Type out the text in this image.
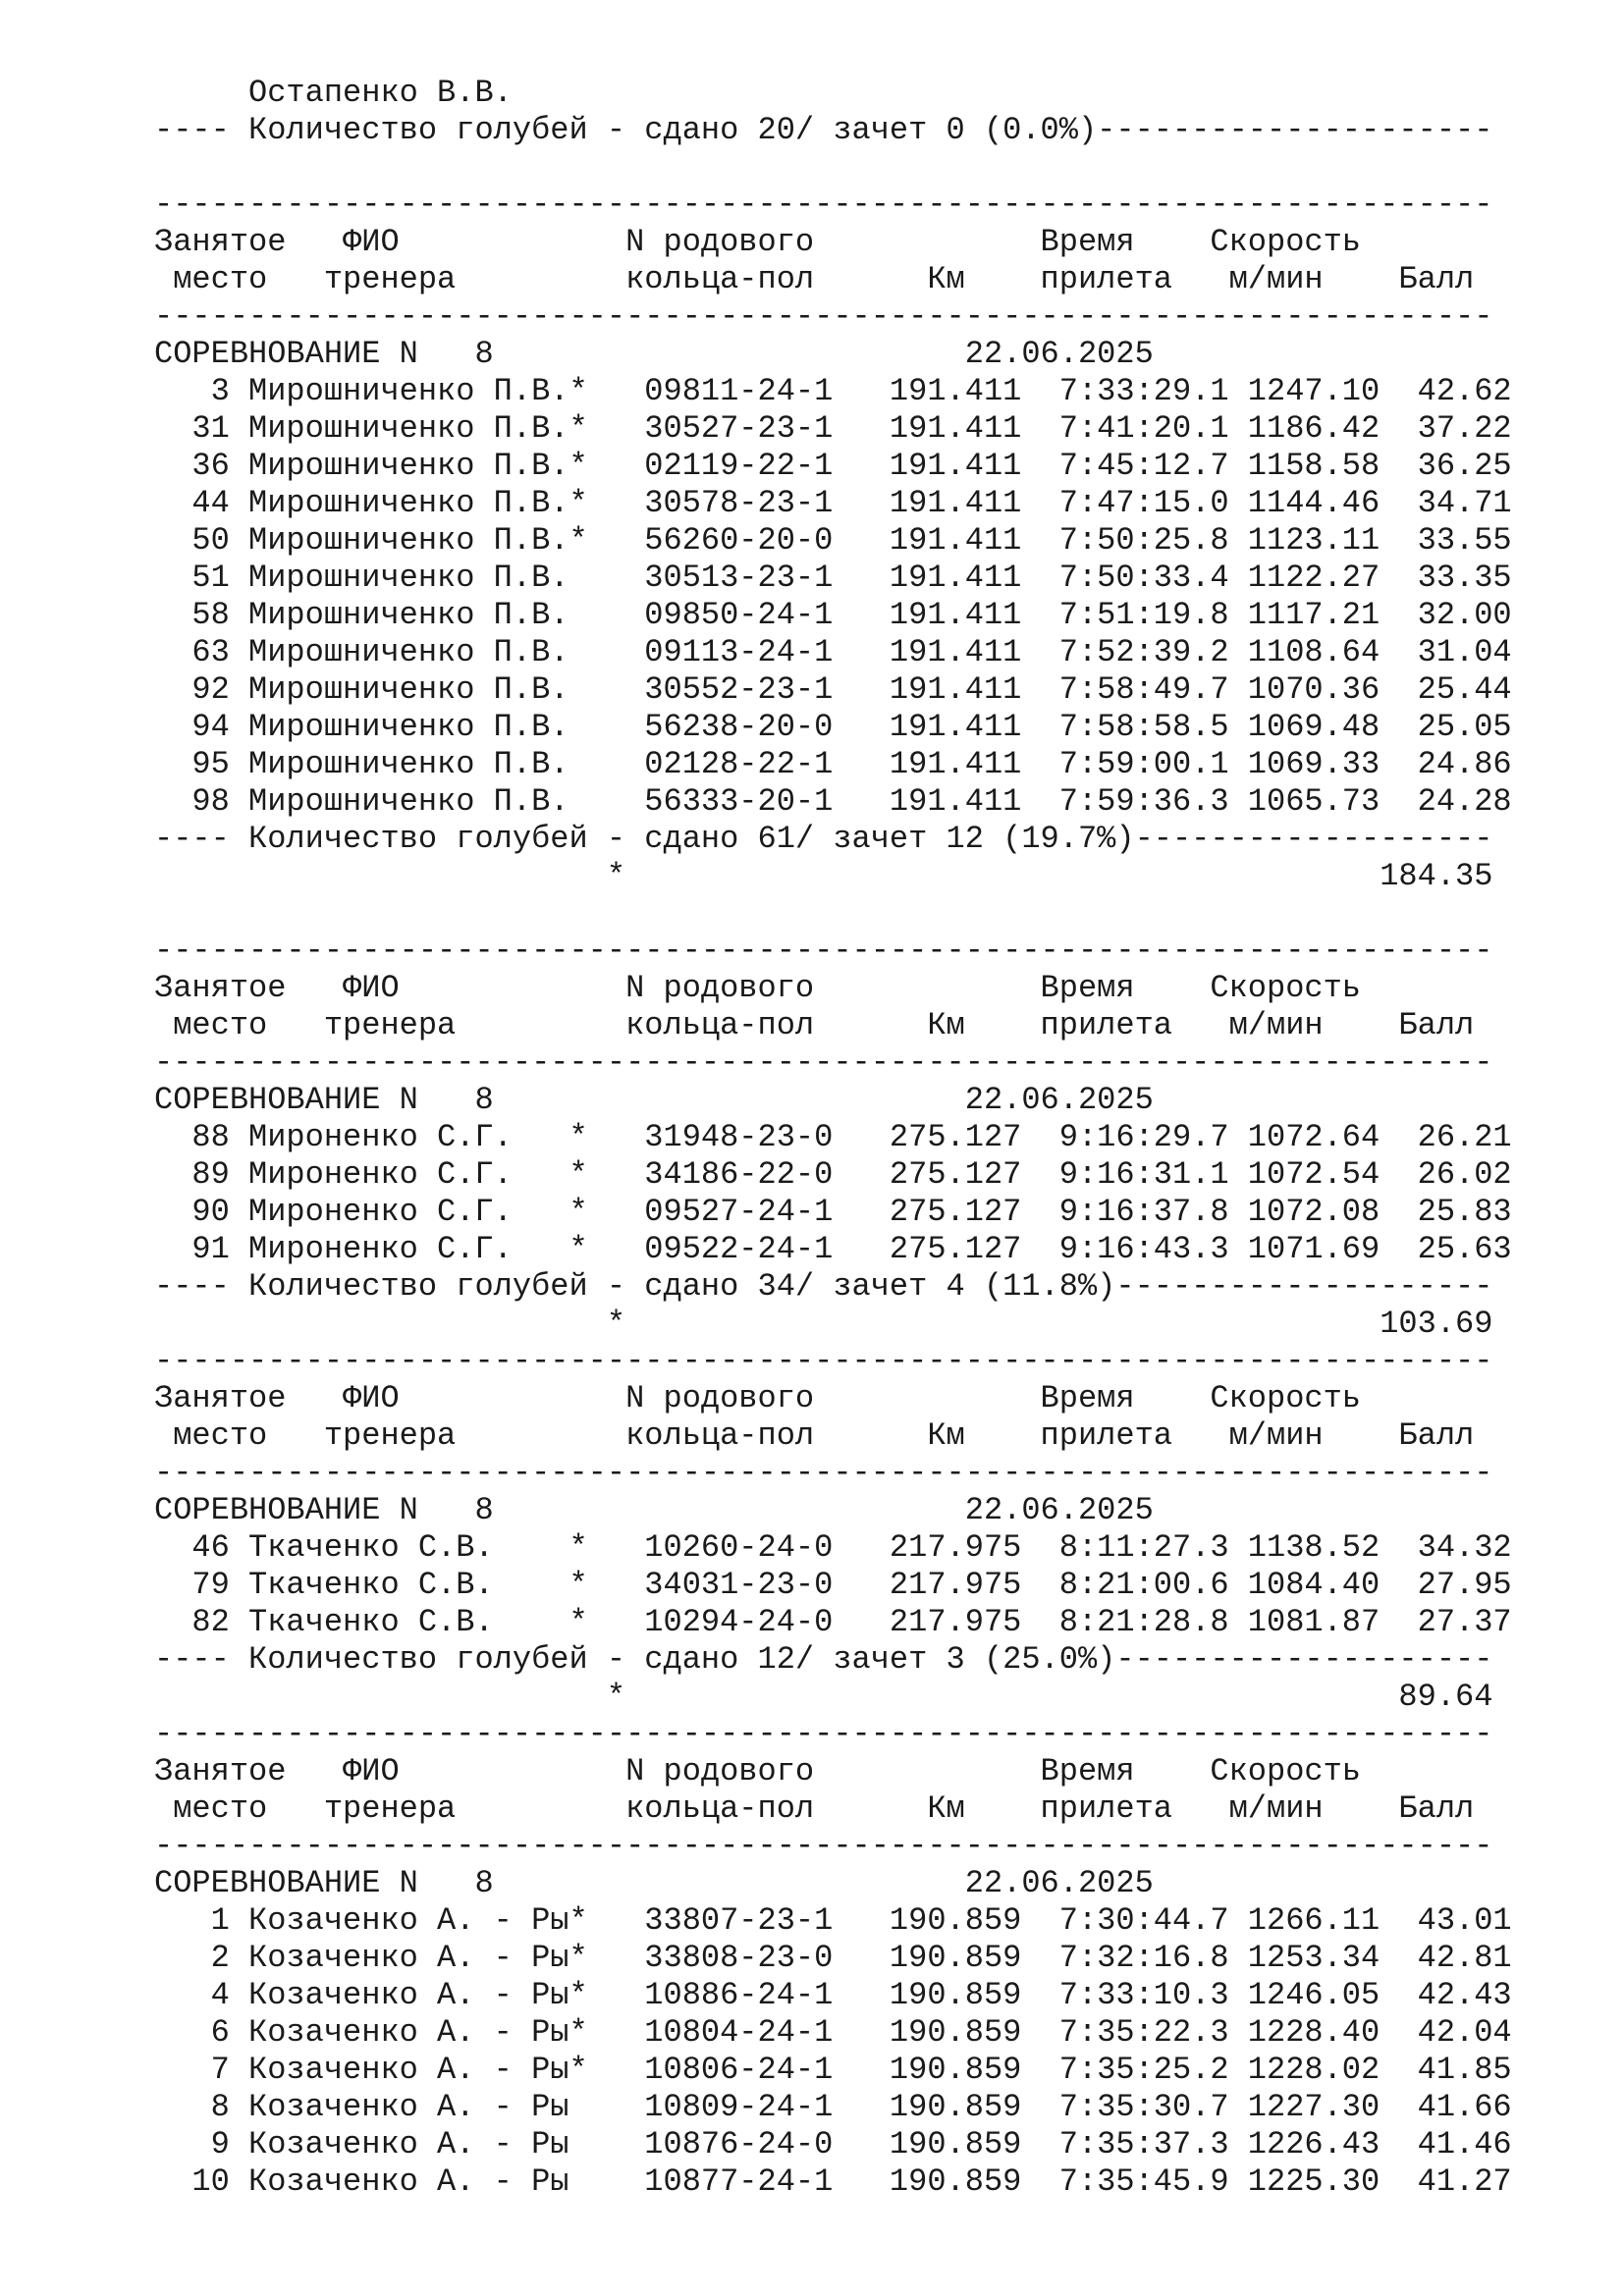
Остапенко В.В.
---- Количество голубей - сдано 20/ зачет 0 (0.0%)---------------------

-----------------------------------------------------------------------
Занятое   ФИО            N родового            Время    Скорость
место   тренера         кольца-пол      Км    прилета   м/мин    Балл
-----------------------------------------------------------------------
СОРЕВНОВАНИЕ N   8                         22.06.2025
3 Мирошниченко П.В.*   09811-24-1   191.411  7:33:29.1 1247.10  42.62
31 Мирошниченко П.В.*   30527-23-1   191.411  7:41:20.1 1186.42  37.22
36 Мирошниченко П.В.*   02119-22-1   191.411  7:45:12.7 1158.58  36.25
44 Мирошниченко П.В.*   30578-23-1   191.411  7:47:15.0 1144.46  34.71
50 Мирошниченко П.В.*   56260-20-0   191.411  7:50:25.8 1123.11  33.55
51 Мирошниченко П.В.    30513-23-1   191.411  7:50:33.4 1122.27  33.35
58 Мирошниченко П.В.    09850-24-1   191.411  7:51:19.8 1117.21  32.00
63 Мирошниченко П.В.    09113-24-1   191.411  7:52:39.2 1108.64  31.04
92 Мирошниченко П.В.    30552-23-1   191.411  7:58:49.7 1070.36  25.44
94 Мирошниченко П.В.    56238-20-0   191.411  7:58:58.5 1069.48  25.05
95 Мирошниченко П.В.    02128-22-1   191.411  7:59:00.1 1069.33  24.86
98 Мирошниченко П.В.    56333-20-1   191.411  7:59:36.3 1065.73  24.28
---- Количество голубей - сдано 61/ зачет 12 (19.7%)-------------------
*                                        184.35

-----------------------------------------------------------------------
Занятое   ФИО            N родового            Время    Скорость
место   тренера         кольца-пол      Км    прилета   м/мин    Балл
-----------------------------------------------------------------------
СОРЕВНОВАНИЕ N   8                         22.06.2025
88 Мироненко С.Г.   *   31948-23-0   275.127  9:16:29.7 1072.64  26.21
89 Мироненко С.Г.   *   34186-22-0   275.127  9:16:31.1 1072.54  26.02
90 Мироненко С.Г.   *   09527-24-1   275.127  9:16:37.8 1072.08  25.83
91 Мироненко С.Г.   *   09522-24-1   275.127  9:16:43.3 1071.69  25.63
---- Количество голубей - сдано 34/ зачет 4 (11.8%)--------------------
*                                        103.69
-----------------------------------------------------------------------
Занятое   ФИО            N родового            Время    Скорость
место   тренера         кольца-пол      Км    прилета   м/мин    Балл
-----------------------------------------------------------------------
СОРЕВНОВАНИЕ N   8                         22.06.2025
46 Ткаченко С.В.    *   10260-24-0   217.975  8:11:27.3 1138.52  34.32
79 Ткаченко С.В.    *   34031-23-0   217.975  8:21:00.6 1084.40  27.95
82 Ткаченко С.В.    *   10294-24-0   217.975  8:21:28.8 1081.87  27.37
---- Количество голубей - сдано 12/ зачет 3 (25.0%)--------------------
*                                         89.64
-----------------------------------------------------------------------
Занятое   ФИО            N родового            Время    Скорость
место   тренера         кольца-пол      Км    прилета   м/мин    Балл
-----------------------------------------------------------------------
СОРЕВНОВАНИЕ N   8                         22.06.2025
1 Козаченко А. - Ры*   33807-23-1   190.859  7:30:44.7 1266.11  43.01
2 Козаченко А. - Ры*   33808-23-0   190.859  7:32:16.8 1253.34  42.81
4 Козаченко А. - Ры*   10886-24-1   190.859  7:33:10.3 1246.05  42.43
6 Козаченко А. - Ры*   10804-24-1   190.859  7:35:22.3 1228.40  42.04
7 Козаченко А. - Ры*   10806-24-1   190.859  7:35:25.2 1228.02  41.85
8 Козаченко А. - Ры    10809-24-1   190.859  7:35:30.7 1227.30  41.66
9 Козаченко А. - Ры    10876-24-0   190.859  7:35:37.3 1226.43  41.46
10 Козаченко А. - Ры    10877-24-1   190.859  7:35:45.9 1225.30  41.27
